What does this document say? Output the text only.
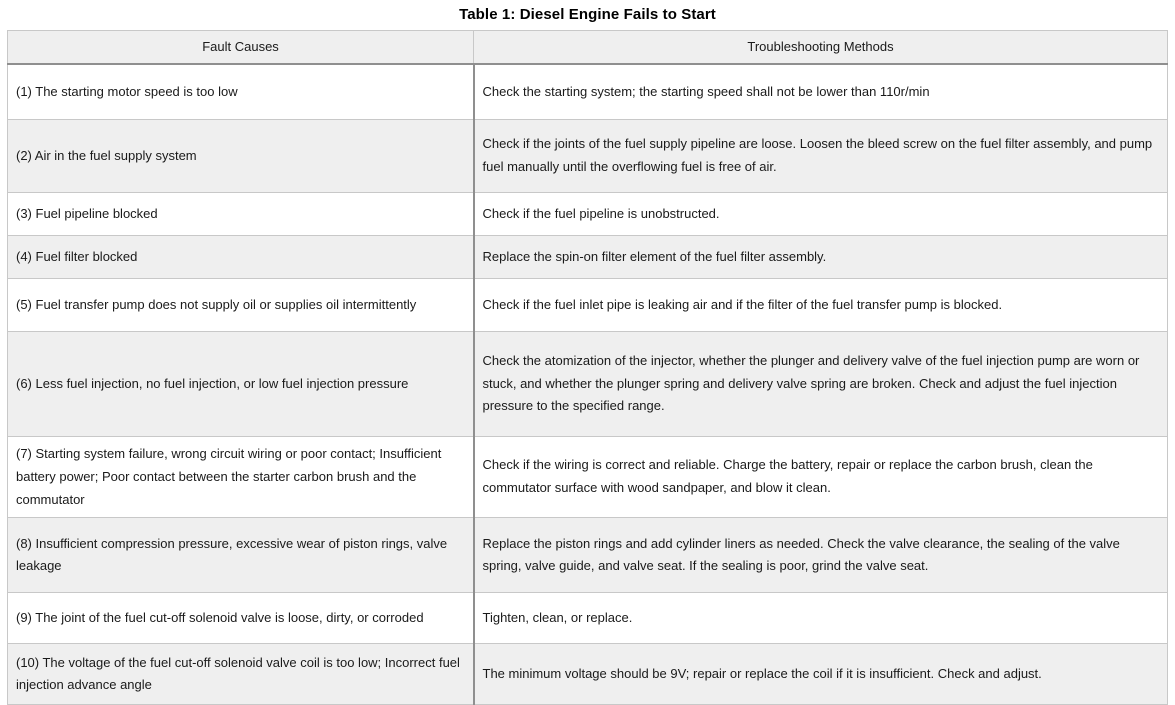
Table 1: Diesel Engine Fails to Start
Fault Causes	Troubleshooting Methods
(1) The starting motor speed is too low	Check the starting system; the starting speed shall not be lower than 110r/min
(2) Air in the fuel supply system	Check if the joints of the fuel supply pipeline are loose. Loosen the bleed screw on the fuel filter assembly, and pump fuel manually until the overflowing fuel is free of air.
(3) Fuel pipeline blocked	Check if the fuel pipeline is unobstructed.
(4) Fuel filter blocked	Replace the spin-on filter element of the fuel filter assembly.
(5) Fuel transfer pump does not supply oil or supplies oil intermittently	Check if the fuel inlet pipe is leaking air and if the filter of the fuel transfer pump is blocked.
(6) Less fuel injection, no fuel injection, or low fuel injection pressure	Check the atomization of the injector, whether the plunger and delivery valve of the fuel injection pump are worn or stuck, and whether the plunger spring and delivery valve spring are broken. Check and adjust the fuel injection pressure to the specified range.
(7) Starting system failure, wrong circuit wiring or poor contact; Insufficient battery power; Poor contact between the starter carbon brush and the commutator	Check if the wiring is correct and reliable. Charge the battery, repair or replace the carbon brush, clean the commutator surface with wood sandpaper, and blow it clean.
(8) Insufficient compression pressure, excessive wear of piston rings, valve leakage	Replace the piston rings and add cylinder liners as needed. Check the valve clearance, the sealing of the valve spring, valve guide, and valve seat. If the sealing is poor, grind the valve seat.
(9) The joint of the fuel cut-off solenoid valve is loose, dirty, or corroded	Tighten, clean, or replace.
(10) The voltage of the fuel cut-off solenoid valve coil is too low; Incorrect fuel injection advance angle	The minimum voltage should be 9V; repair or replace the coil if it is insufficient. Check and adjust.
